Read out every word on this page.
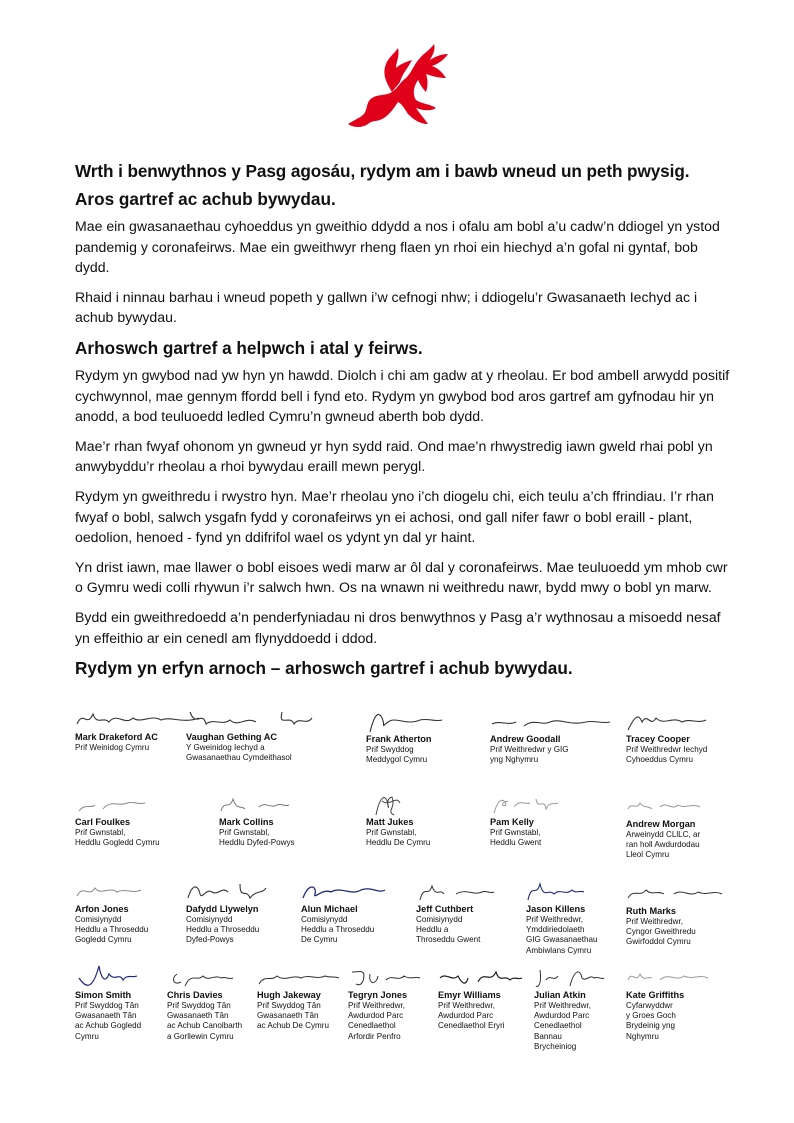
Wrth i benwythnos y Pasg agosáu, rydym am i bawb wneud un peth pwysig.
Aros gartref ac achub bywydau.

Mae ein gwasanaethau cyhoeddus yn gweithio ddydd a nos i ofalu am bobl a’u cadw’n ddiogel yn ystod pandemig y coronafeirws. Mae ein gweithwyr rheng flaen yn rhoi ein hiechyd a’n gofal ni gyntaf, bob dydd.

Rhaid i ninnau barhau i wneud popeth y gallwn i’w cefnogi nhw; i ddiogelu’r Gwasanaeth Iechyd ac i achub bywydau.

Arhoswch gartref a helpwch i atal y feirws.

Rydym yn gwybod nad yw hyn yn hawdd. Diolch i chi am gadw at y rheolau. Er bod ambell arwydd positif cychwynnol, mae gennym ffordd bell i fynd eto. Rydym yn gwybod bod aros gartref am gyfnodau hir yn anodd, a bod teuluoedd ledled Cymru’n gwneud aberth bob dydd.

Mae’r rhan fwyaf ohonom yn gwneud yr hyn sydd raid. Ond mae’n rhwystredig iawn gweld rhai pobl yn anwybyddu’r rheolau a rhoi bywydau eraill mewn perygl.

Rydym yn gweithredu i rwystro hyn. Mae’r rheolau yno i’ch diogelu chi, eich teulu a’ch ffrindiau. I’r rhan fwyaf o bobl, salwch ysgafn fydd y coronafeirws yn ei achosi, ond gall nifer fawr o bobl eraill - plant, oedolion, henoed - fynd yn ddifrifol wael os ydynt yn dal yr haint.

Yn drist iawn, mae llawer o bobl eisoes wedi marw ar ôl dal y coronafeirws. Mae teuluoedd ym mhob cwr o Gymru wedi colli rhywun i’r salwch hwn. Os na wnawn ni weithredu nawr, bydd mwy o bobl yn marw.

Bydd ein gweithredoedd a’n penderfyniadau ni dros benwythnos y Pasg a’r wythnosau a misoedd nesaf yn effeithio ar ein cenedl am flynyddoedd i ddod.

Rydym yn erfyn arnoch – arhoswch gartref i achub bywydau.
Mark Drakeford AC
Prif Weinidog Cymru
Vaughan Gething AC
Y Gweinidog Iechyd a
Gwasanaethau Cymdeithasol
Frank Atherton
Prif Swyddog
Meddygol Cymru
Andrew Goodall
Prif Weithredwr y GIG
yng Nghymru
Tracey Cooper
Prif Weithredwr Iechyd
Cyhoeddus Cymru
Carl Foulkes
Prif Gwnstabl,
Heddlu Gogledd Cymru
Mark Collins
Prif Gwnstabl,
Heddlu Dyfed-Powys
Matt Jukes
Prif Gwnstabl,
Heddlu De Cymru
Pam Kelly
Prif Gwnstabl,
Heddlu Gwent
Andrew Morgan
Arweinydd CLlLC, ar
ran holl Awdurdodau
Lleol Cymru
Arfon Jones
Comisiynydd
Heddlu a Throseddu
Gogledd Cymru
Dafydd Llywelyn
Comisiynydd
Heddlu a Throseddu
Dyfed-Powys
Alun Michael
Comisiynydd
Heddlu a Throseddu
De Cymru
Jeff Cuthbert
Comisiynydd
Heddlu a
Throseddu Gwent
Jason Killens
Prif Weithredwr,
Ymddiriedolaeth
GIG Gwasanaethau
Ambiwlans Cymru
Ruth Marks
Prif Weithredwr,
Cyngor Gweithredu
Gwirfoddol Cymru
Simon Smith
Prif Swyddog Tân
Gwasanaeth Tân
ac Achub Gogledd
Cymru
Chris Davies
Prif Swyddog Tân
Gwasanaeth Tân
ac Achub Canolbarth
a Gorllewin Cymru
Hugh Jakeway
Prif Swyddog Tân
Gwasanaeth Tân
ac Achub De Cymru
Tegryn Jones
Prif Weithredwr,
Awdurdod Parc
Cenedlaethol
Arfordir Penfro
Emyr Williams
Prif Weithredwr,
Awdurdod Parc
Cenedlaethol Eryri
Julian Atkin
Prif Weithredwr,
Awdurdod Parc
Cenedlaethol
Bannau
Brycheiniog
Kate Griffiths
Cyfarwyddwr
y Groes Goch
Brydeinig yng
Nghymru
